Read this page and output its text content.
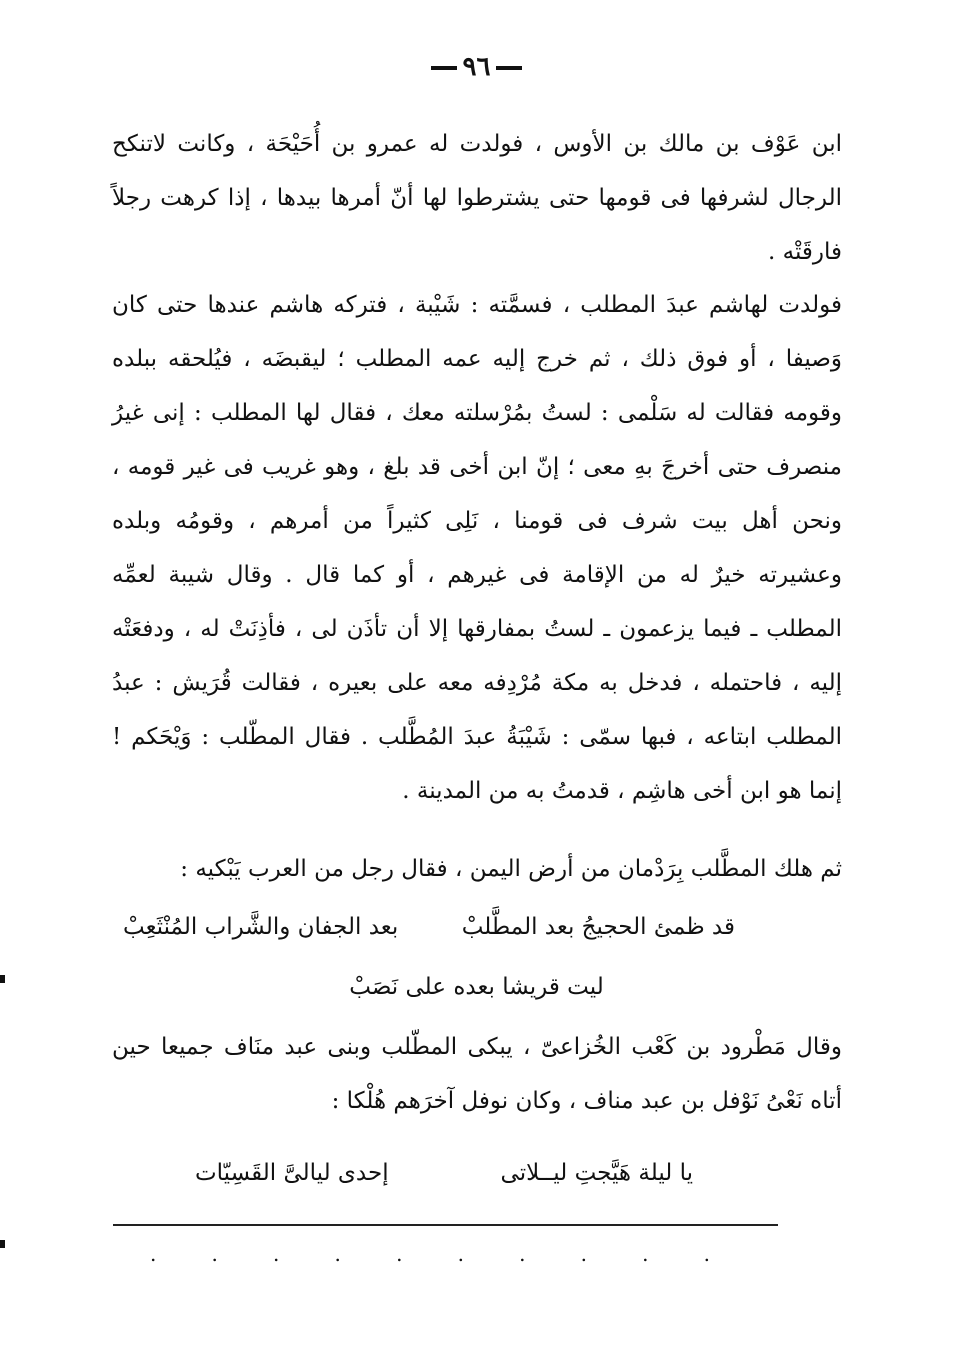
٩٦
ابن عَوْف بن مالك بن الأوس ، فولدت له عمرو بن أُحَيْحَة ، وكانت لاتنكح الرجال لشرفها فى قومها حتى يشترطوا لها أنّ أمرها بيدها ، إذا كرهت رجلاً فارقَتْه .
فولدت لهاشم عبدَ المطلب ، فسمَّته : شَيْبة ، فتركه هاشم عندها حتى كان وَصيفا ، أو فوق ذلك ، ثم خرج إليه عمه المطلب ؛ ليقبضَه ، فيُلحقه ببلده وقومه فقالت له سَلْمى : لستُ بمُرْسلته معك ، فقال لها المطلب : إنى غيرُ منصرف حتى أخرجَ بهِ معى ؛ إنّ ابن أخى قد بلغ ، وهو غريب فى غير قومه ، ونحن أهل بيت شرف فى قومنا ، نَلِى كثيراً من أمرهم ، وقومُه وبلده وعشيرته خيرٌ له من الإقامة فى غيرهم ، أو كما قال . وقال شيبة لعمِّه المطلب ـ فيما يزعمون ـ لستُ بمفارقها إلا أن تأذَن لى ، فأذِنَتْ له ، ودفعَتْه إليه ، فاحتمله ، فدخل به مكة مُرْدِفه معه على بعيره ، فقالت قُرَيش : عبدُ المطلب ابتاعه ، فبها سمّى : شَيْبَةُ عبدَ المُطَّلب . فقال المطّلب : وَيْحَكم ! إنما هو ابن أخى هاشِم ، قدمتُ به من المدينة .
ثم هلك المطَّلب بِرَدْمان من أرض اليمن ، فقال رجل من العرب يَبْكيه :
قد ظمئ الحجيجُ بعد المطَّلبْ
بعد الجفان والشَّراب المُنْثَعِبْ
ليت قريشا بعده على نَصَبْ
وقال مَطْرود بن كَعْب الخُزاعىّ ، يبكى المطّلب وبنى عبد منَاف جميعا حين أتاه نَعْىُ نَوْفل بن عبد مناف ، وكان نوفل آخرَهم هُلْكا :
يا ليلة هَيَّجتِ ليــلاتى
إحدى ليالىَّ القَسِيّات
.	.	.	.	.	.	.	.	.	.
